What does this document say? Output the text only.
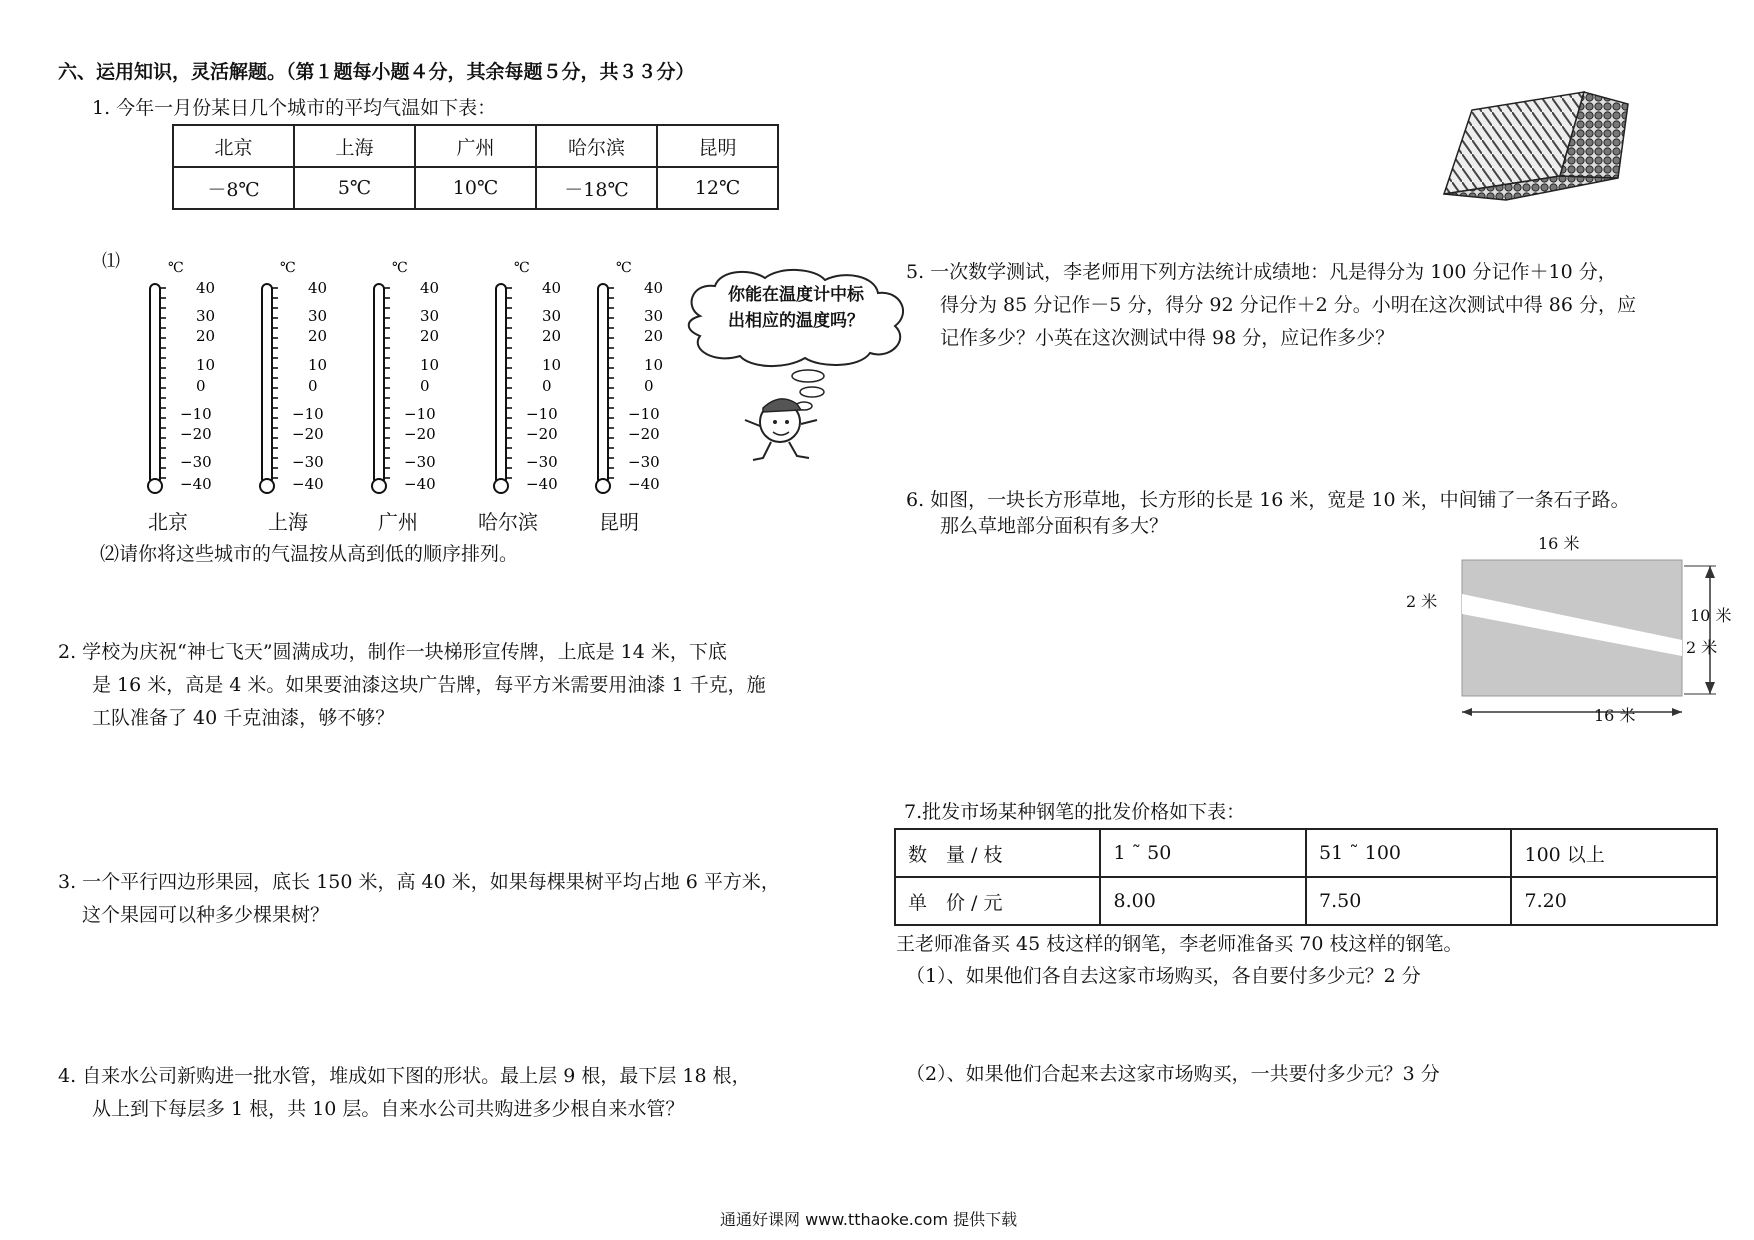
六、运用知识，灵活解题。（第１题每小题４分，其余每题５分，共３３分）
1. 今年一月份某日几个城市的平均气温如下表：
北京	上海	广州	哈尔滨	昆明
－8℃	5℃	10℃	－18℃	12℃
⑴	℃
40
30
20
10
0
−10
−20
−30
−40
℃
40
30
20
10
0
−10
−20
−30
−40
℃
40
30
20
10
0
−10
−20
−30
−40
℃
40
30
20
10
0
−10
−20
−30
−40
℃
40
30
20
10
0
−10
−20
−30
−40
北京	上海	广州	哈尔滨	昆明
你能在温度计中标
出相应的温度吗？
⑵请你将这些城市的气温按从高到低的顺序排列。
2. 学校为庆祝“神七飞天”圆满成功，制作一块梯形宣传牌，上底是 14 米，下底
是 16 米，高是 4 米。如果要油漆这块广告牌，每平方米需要用油漆 1 千克，施
工队准备了 40 千克油漆，够不够？
3. 一个平行四边形果园，底长 150 米，高 40 米，如果每棵果树平均占地 6 平方米，
这个果园可以种多少棵果树？
4. 自来水公司新购进一批水管，堆成如下图的形状。最上层 9 根，最下层 18 根，
从上到下每层多 1 根，共 10 层。自来水公司共购进多少根自来水管？
5. 一次数学测试，李老师用下列方法统计成绩地：凡是得分为 100 分记作＋10 分，
得分为 85 分记作－5 分，得分 92 分记作＋2 分。小明在这次测试中得 86 分，应
记作多少？小英在这次测试中得 98 分，应记作多少？
6. 如图，一块长方形草地，长方形的长是 16 米，宽是 10 米，中间铺了一条石子路。
那么草地部分面积有多大？
16 米
16 米
2 米
10 米
2 米
7.批发市场某种钢笔的批发价格如下表：
数　量 / 枝	1 ˜ 50	51 ˜ 100	100 以上
单　价 / 元	8.00	7.50	7.20
王老师准备买 45 枝这样的钢笔，李老师准备买 70 枝这样的钢笔。
（1）、如果他们各自去这家市场购买，各自要付多少元？2 分
（2）、如果他们合起来去这家市场购买，一共要付多少元？3 分
通通好课网 www.tthaoke.com 提供下载
